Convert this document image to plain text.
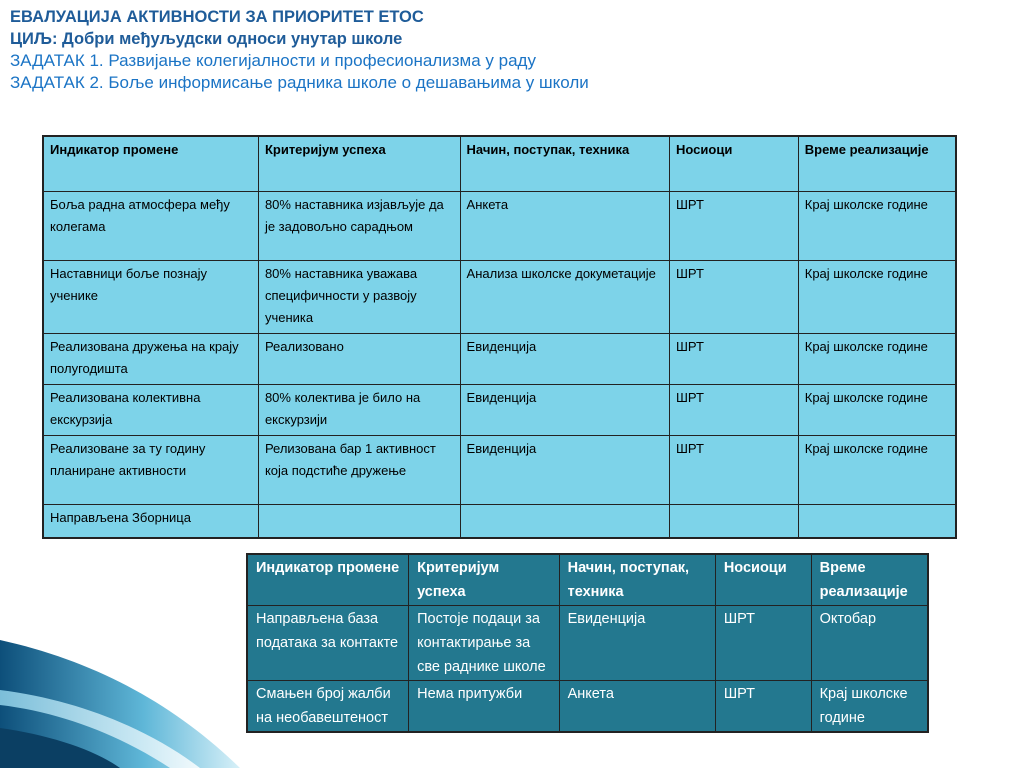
ЕВАЛУАЦИЈА АКТИВНОСТИ ЗА ПРИОРИТЕТ ЕТОС

ЦИЉ: Добри међуљудски односи унутар школе

ЗАДАТАК 1. Развијање колегијалности и професионализма у раду

ЗАДАТАК 2. Боље информисање радника школе о дешавањима у школи

Индикатор промене	Критеријум успеха	Начин, поступак, техника	Носиоци	Време реализације
Боља радна атмосфера међу колегама	80% наставника изјављује да је задовољно сарадњом	Анкета	ШРТ	Крај школске године
Наставници боље познају ученике	80% наставника уважава специфичности у развоју ученика	Анализа школске докуметације	ШРТ	Крај школске године
Реализована дружења на крају полугодишта	Реализовано	Евиденција	ШРТ	Крај школске године
Реализована колективна екскурзија	80% колектива је било на екскурзији	Евиденција	ШРТ	Крај школске године
Реализоване за ту годину планиране активности	Релизована бар 1 активност која подстиће дружење	Евиденција	ШРТ	Крај школске године
Направљена Зборница				
Индикатор промене	Критеријум успеха	Начин, поступак, техника	Носиоци	Време реализације
Направљена база података за контакте	Постоје подаци за контактирање за све раднике школе	Евиденција	ШРТ	Октобар
Смањен број жалби на необавештеност	Нема притужби	Анкета	ШРТ	Крај школске године
